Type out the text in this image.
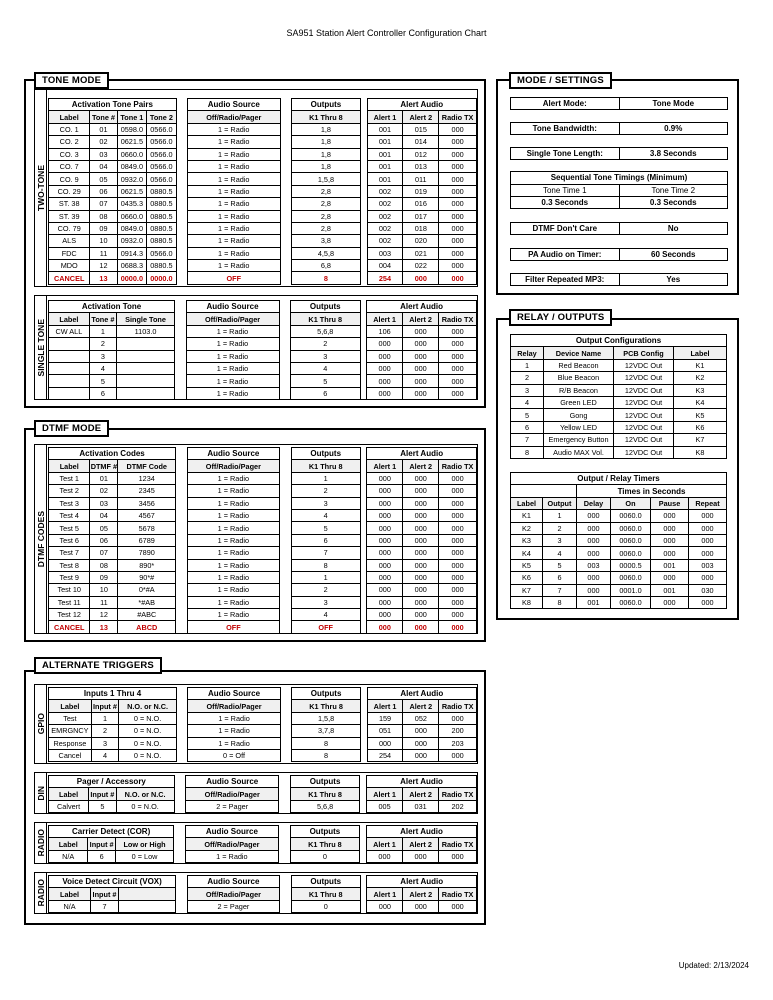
SA951 Station Alert Controller Configuration Chart
TONE MODE
TWO-TONE
Activation Tone Pairs					Audio Source		Outputs		Alert Audio		
Label	Tone #	Tone 1	Tone 2		Off/Radio/Pager		K1 Thru 8		Alert 1	Alert 2	Radio TX
CO. 1	01	0598.0	0566.0		1 = Radio		1,8		001	015	000
CO. 2	02	0621.5	0566.0		1 = Radio		1,8		001	014	000
CO. 3	03	0660.0	0566.0		1 = Radio		1,8		001	012	000
CO. 7	04	0849.0	0566.0		1 = Radio		1,8		001	013	000
CO. 9	05	0932.0	0566.0		1 = Radio		1,5,8		001	011	000
CO. 29	06	0621.5	0880.5		1 = Radio		2,8		002	019	000
ST. 38	07	0435.3	0880.5		1 = Radio		2,8		002	016	000
ST. 39	08	0660.0	0880.5		1 = Radio		2,8		002	017	000
CO. 79	09	0849.0	0880.5		1 = Radio		2,8		002	018	000
ALS	10	0932.0	0880.5		1 = Radio		3,8		002	020	000
FDC	11	0914.3	0566.0		1 = Radio		4,5,8		003	021	000
MDO	12	0688.3	0880.5		1 = Radio		6,8		004	022	000
CANCEL	13	0000.0	0000.0		OFF		8		254	000	000
SINGLE TONE
Activation Tone				Audio Source		Outputs		Alert Audio		
Label	Tone #	Single Tone		Off/Radio/Pager		K1 Thru 8		Alert 1	Alert 2	Radio TX
CW ALL	1	1103.0		1 = Radio		5,6,8		106	000	000
	2			1 = Radio		2		000	000	000
	3			1 = Radio		3		000	000	000
	4			1 = Radio		4		000	000	000
	5			1 = Radio		5		000	000	000
	6			1 = Radio		6		000	000	000
DTMF MODE
DTMF CODES
Activation Codes				Audio Source		Outputs		Alert Audio		
Label	DTMF #	DTMF Code		Off/Radio/Pager		K1 Thru 8		Alert 1	Alert 2	Radio TX
Test 1	01	1234		1 = Radio		1		000	000	000
Test 2	02	2345		1 = Radio		2		000	000	000
Test 3	03	3456		1 = Radio		3		000	000	000
Test 4	04	4567		1 = Radio		4		000	000	000
Test 5	05	5678		1 = Radio		5		000	000	000
Test 6	06	6789		1 = Radio		6		000	000	000
Test 7	07	7890		1 = Radio		7		000	000	000
Test 8	08	890*		1 = Radio		8		000	000	000
Test 9	09	90*#		1 = Radio		1		000	000	000
Test 10	10	0*#A		1 = Radio		2		000	000	000
Test 11	11	*#AB		1 = Radio		3		000	000	000
Test 12	12	#ABC		1 = Radio		4		000	000	000
CANCEL	13	ABCD		OFF		OFF		000	000	000
ALTERNATE TRIGGERS
GPIO
Inputs 1 Thru 4				Audio Source		Outputs		Alert Audio		
Label	Input #	N.O. or N.C.		Off/Radio/Pager		K1 Thru 8		Alert 1	Alert 2	Radio TX
Test	1	0 = N.O.		1 = Radio		1,5,8		159	052	000
EMRGNCY	2	0 = N.O.		1 = Radio		3,7,8		051	000	200
Response	3	0 = N.O.		1 = Radio		8		000	000	203
Cancel	4	0 = N.O.		0 = Off		8		254	000	000
DIN
Pager / Accessory				Audio Source		Outputs		Alert Audio		
Label	Input #	N.O. or N.C.		Off/Radio/Pager		K1 Thru 8		Alert 1	Alert 2	Radio TX
Calvert	5	0 = N.O.		2 = Pager		5,6,8		005	031	202
RADIO	Carrier Detect (COR)				Audio Source		Outputs		Alert Audio		
Label	Input #	Low or High		Off/Radio/Pager		K1 Thru 8		Alert 1	Alert 2	Radio TX
N/A	6	0 = Low		1 = Radio		0		000	000	000
RADIO Voice Detect Circuit (VOX)				Audio Source		Outputs		Alert Audio		
Label	Input #			Off/Radio/Pager		K1 Thru 8		Alert 1	Alert 2	Radio TX
N/A	7			2 = Pager		0		000	000	000
MODE / SETTINGS
Alert Mode:	Tone Mode
Tone Bandwidth:	0.9%
Single Tone Length:	3.8 Seconds
Sequential Tone Timings (Minimum)
Tone Time 1	Tone Time 2
0.3 Seconds	0.3 Seconds
DTMF Don't Care	No
PA Audio on Timer:	60 Seconds
Filter Repeated MP3:	Yes
RELAY / OUTPUTS
Output Configurations			
Relay	Device Name	PCB Config	Label
1	Red Beacon	12VDC Out	K1
2	Blue Beacon	12VDC Out	K2
3	R/B Beacon	12VDC Out	K3
4	Green LED	12VDC Out	K4
5	Gong	12VDC Out	K5
6	Yellow LED	12VDC Out	K6
7	Emergency Button	12VDC Out	K7
8	Audio MAX Vol.	12VDC Out	K8
Output / Relay Timers					
		Times in Seconds			
Label	Output	Delay	On	Pause	Repeat
K1	1	000	0060.0	000	000
K2	2	000	0060.0	000	000
K3	3	000	0060.0	000	000
K4	4	000	0060.0	000	000
K5	5	003	0000.5	001	003
K6	6	000	0060.0	000	000
K7	7	000	0001.0	001	030
K8	8	001	0060.0	000	000
Updated: 2/13/2024
